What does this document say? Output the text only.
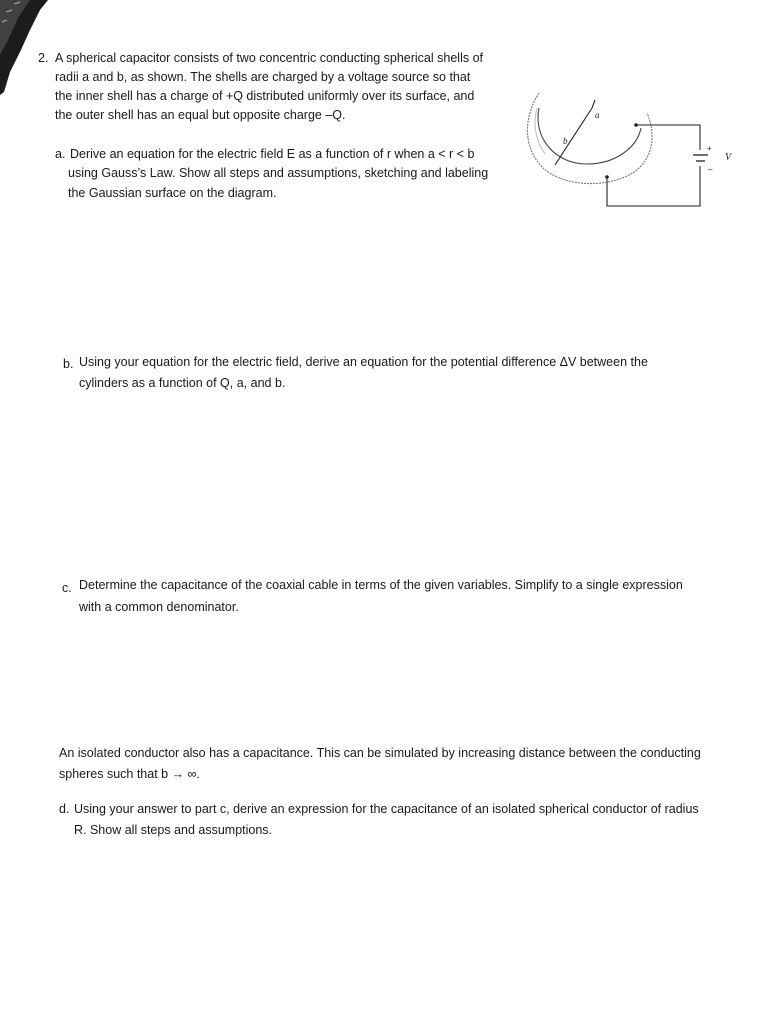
2. A spherical capacitor consists of two concentric conducting spherical shells of
radii a and b, as shown. The shells are charged by a voltage source so that
the inner shell has a charge of +Q distributed uniformly over its surface, and
the outer shell has an equal but opposite charge –Q.
a. Derive an equation for the electric field E as a function of r when a < r < b
using Gauss’s Law. Show all steps and assumptions, sketching and labeling
the Gaussian surface on the diagram.
b
a
+
–
V
b. Using your equation for the electric field, derive an equation for the potential difference ΔV between the
cylinders as a function of Q, a, and b.
c. Determine the capacitance of the coaxial cable in terms of the given variables. Simplify to a single expression
with a common denominator.
An isolated conductor also has a capacitance. This can be simulated by increasing distance between the conducting
spheres such that b → ∞.
d. Using your answer to part c, derive an expression for the capacitance of an isolated spherical conductor of radius
R. Show all steps and assumptions.
